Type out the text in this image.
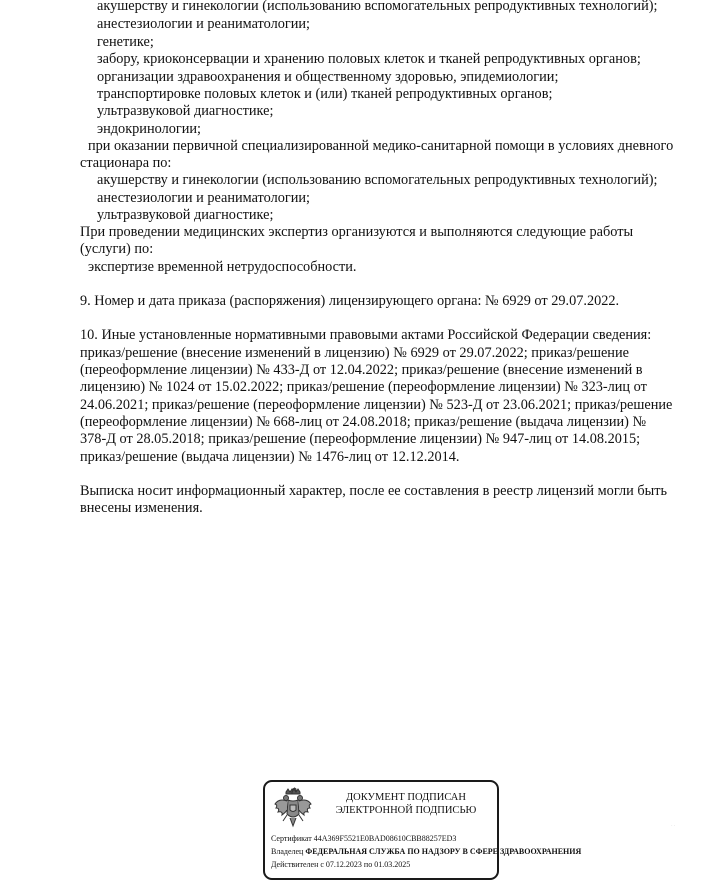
акушерству и гинекологии (использованию вспомогательных репродуктивных технологий);
анестезиологии и реаниматологии;
генетике;
забору, криоконсервации и хранению половых клеток и тканей репродуктивных органов;
организации здравоохранения и общественному здоровью, эпидемиологии;
транспортировке половых клеток и (или) тканей репродуктивных органов;
ультразвуковой диагностике;
эндокринологии;
при оказании первичной специализированной медико-санитарной помощи в условиях дневного
стационара по:
акушерству и гинекологии (использованию вспомогательных репродуктивных технологий);
анестезиологии и реаниматологии;
ультразвуковой диагностике;
При проведении медицинских экспертиз организуются и выполняются следующие работы
(услуги) по:
экспертизе временной нетрудоспособности.
9. Номер и дата приказа (распоряжения) лицензирующего органа: № 6929 от 29.07.2022.
10. Иные установленные нормативными правовыми актами Российской Федерации сведения:
приказ/решение (внесение изменений в лицензию) № 6929 от 29.07.2022; приказ/решение
(переоформление лицензии) № 433-Д от 12.04.2022; приказ/решение (внесение изменений в
лицензию) № 1024 от 15.02.2022; приказ/решение (переоформление лицензии) № 323-лиц от
24.06.2021; приказ/решение (переоформление лицензии) № 523-Д от 23.06.2021; приказ/решение
(переоформление лицензии) № 668-лиц от 24.08.2018; приказ/решение (выдача лицензии) №
378-Д от 28.05.2018; приказ/решение (переоформление лицензии) № 947-лиц от 14.08.2015;
приказ/решение (выдача лицензии) № 1476-лиц от 12.12.2014.
Выписка носит информационный характер, после ее составления в реестр лицензий могли быть
внесены изменения.
ДОКУМЕНТ ПОДПИСАН
ЭЛЕКТРОННОЙ ПОДПИСЬЮ
Сертификат 44A369F5521E0BAD08610CBB88257ED3
Владелец ФЕДЕРАЛЬНАЯ СЛУЖБА ПО НАДЗОРУ В СФЕРЕ ЗДРАВООХРАНЕНИЯ
Действителен с 07.12.2023 по 01.03.2025
· ·
